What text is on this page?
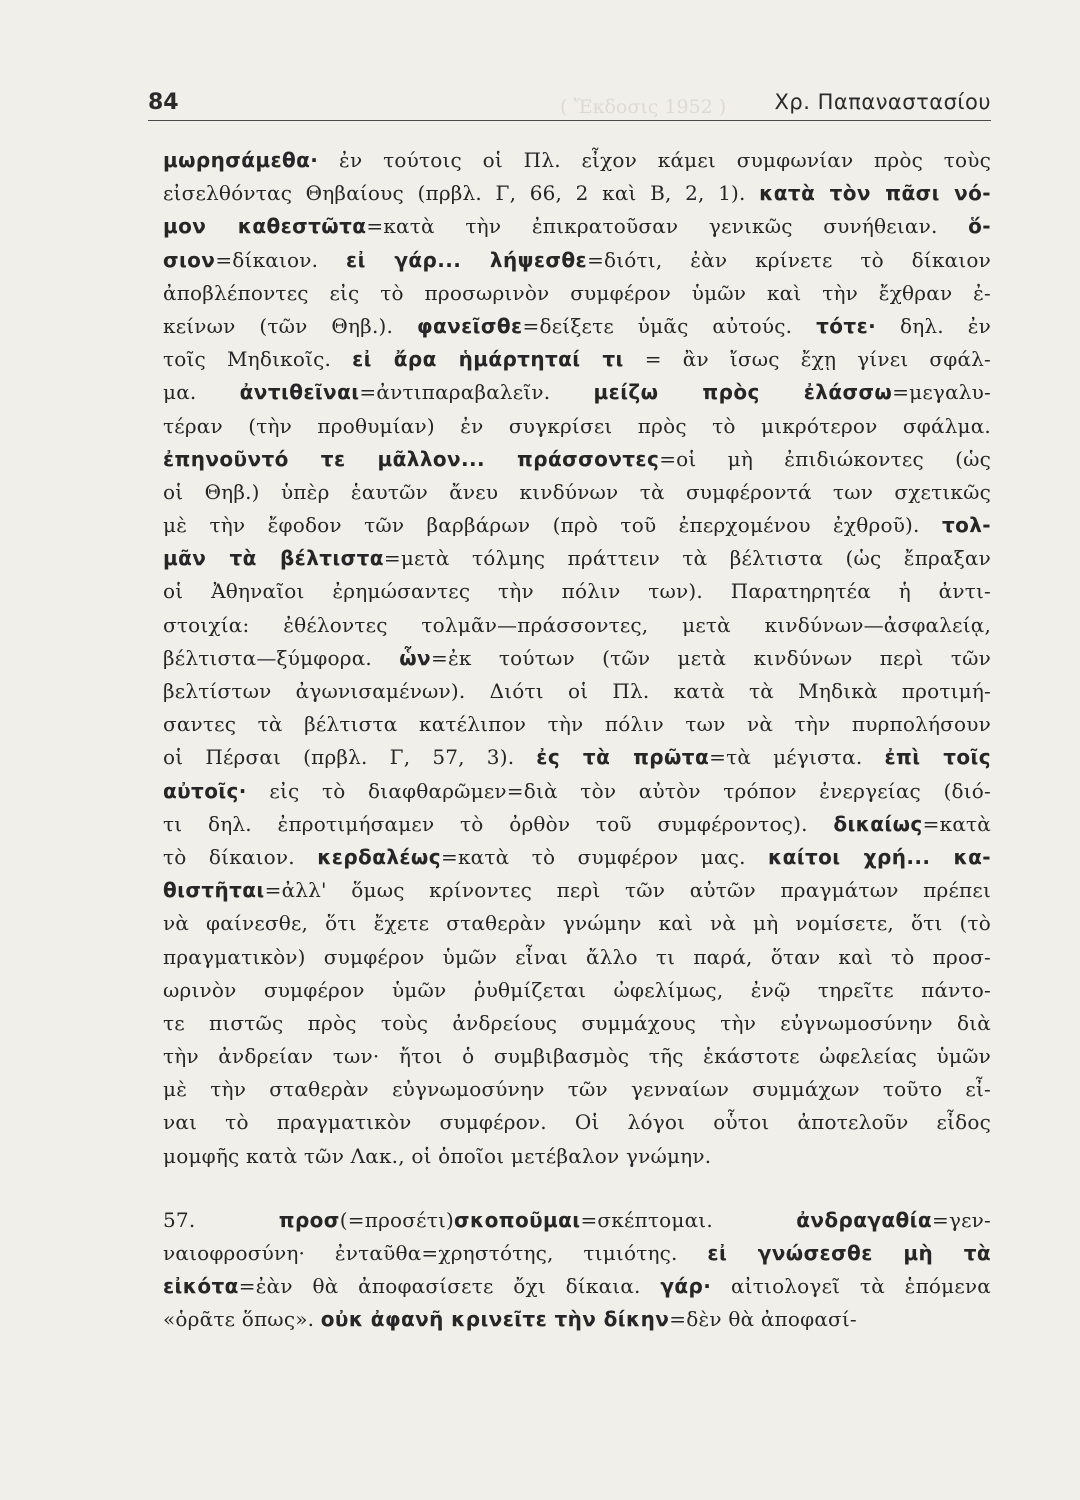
( Ἔκδοσις 1952 )
84	Χρ. Παπαναστασίου
μωρησάμεθα· ἐν τούτοις οἱ Πλ. εἶχον κάμει συμφωνίαν πρὸς τοὺς
εἰσελθόντας Θηβαίους (πρβλ. Γ, 66, 2 καὶ Β, 2, 1). κατὰ τὸν πᾶσι νό-
μον καθεστῶτα=κατὰ τὴν ἐπικρατοῦσαν γενικῶς συνήθειαν. ὅ-
σιον=δίκαιον. εἰ γάρ... λήψεσθε=διότι, ἐὰν κρίνετε τὸ δίκαιον
ἀποβλέποντες εἰς τὸ προσωρινὸν συμφέρον ὑμῶν καὶ τὴν ἔχθραν ἐ-
κείνων (τῶν Θηβ.). φανεῖσθε=δείξετε ὑμᾶς αὐτούς. τότε· δηλ. ἐν
τοῖς Μηδικοῖς. εἰ ἄρα ἡμάρτηταί τι = ἂν ἴσως ἔχῃ γίνει σφάλ-
μα. ἀντιθεῖναι=ἀντιπαραβαλεῖν. μείζω πρὸς ἐλάσσω=μεγαλυ-
τέραν (τὴν προθυμίαν) ἐν συγκρίσει πρὸς τὸ μικρότερον σφάλμα.
ἐπηνοῦντό τε μᾶλλον... πράσσοντες=οἱ μὴ ἐπιδιώκοντες (ὡς
οἱ Θηβ.) ὑπὲρ ἑαυτῶν ἄνευ κινδύνων τὰ συμφέροντά των σχετικῶς
μὲ τὴν ἔφοδον τῶν βαρβάρων (πρὸ τοῦ ἐπερχομένου ἐχθροῦ). τολ-
μᾶν τὰ βέλτιστα=μετὰ τόλμης πράττειν τὰ βέλτιστα (ὡς ἔπραξαν
οἱ Ἀθηναῖοι ἐρημώσαντες τὴν πόλιν των). Παρατηρητέα ἡ ἀντι-
στοιχία: ἐθέλοντες τολμᾶν—πράσσοντες, μετὰ κινδύνων—ἀσφαλείᾳ,
βέλτιστα—ξύμφορα. ὧν=ἐκ τούτων (τῶν μετὰ κινδύνων περὶ τῶν
βελτίστων ἀγωνισαμένων). Διότι οἱ Πλ. κατὰ τὰ Μηδικὰ προτιμή-
σαντες τὰ βέλτιστα κατέλιπον τὴν πόλιν των νὰ τὴν πυρπολήσουν
οἱ Πέρσαι (πρβλ. Γ, 57, 3). ἐς τὰ πρῶτα=τὰ μέγιστα. ἐπὶ τοῖς
αὐτοῖς· εἰς τὸ διαφθαρῶμεν=διὰ τὸν αὐτὸν τρόπον ἐνεργείας (διό-
τι δηλ. ἐπροτιμήσαμεν τὸ ὀρθὸν τοῦ συμφέροντος). δικαίως=κατὰ
τὸ δίκαιον. κερδαλέως=κατὰ τὸ συμφέρον μας. καίτοι χρή... κα-
θιστῆται=ἀλλ' ὅμως κρίνοντες περὶ τῶν αὐτῶν πραγμάτων πρέπει
νὰ φαίνεσθε, ὅτι ἔχετε σταθερὰν γνώμην καὶ νὰ μὴ νομίσετε, ὅτι (τὸ
πραγματικὸν) συμφέρον ὑμῶν εἶναι ἄλλο τι παρά, ὅταν καὶ τὸ προσ-
ωρινὸν συμφέρον ὑμῶν ῥυθμίζεται ὠφελίμως, ἐνῷ τηρεῖτε πάντο-
τε πιστῶς πρὸς τοὺς ἀνδρείους συμμάχους τὴν εὐγνωμοσύνην διὰ
τὴν ἀνδρείαν των· ἤτοι ὁ συμβιβασμὸς τῆς ἑκάστοτε ὠφελείας ὑμῶν
μὲ τὴν σταθερὰν εὐγνωμοσύνην τῶν γενναίων συμμάχων τοῦτο εἶ-
ναι τὸ πραγματικὸν συμφέρον. Οἱ λόγοι οὗτοι ἀποτελοῦν εἶδος
μομφῆς κατὰ τῶν Λακ., οἱ ὁποῖοι μετέβαλον γνώμην.
57. προσ(=προσέτι)σκοποῦμαι=σκέπτομαι. ἀνδραγαθία=γεν-
ναιοφροσύνη· ἐνταῦθα=χρηστότης, τιμιότης. εἰ γνώσεσθε μὴ τὰ
εἰκότα=ἐὰν θὰ ἀποφασίσετε ὄχι δίκαια. γάρ· αἰτιολογεῖ τὰ ἑπόμενα
«ὁρᾶτε ὅπως». οὐκ ἀφανῆ κρινεῖτε τὴν δίκην=δὲν θὰ ἀποφασί-
